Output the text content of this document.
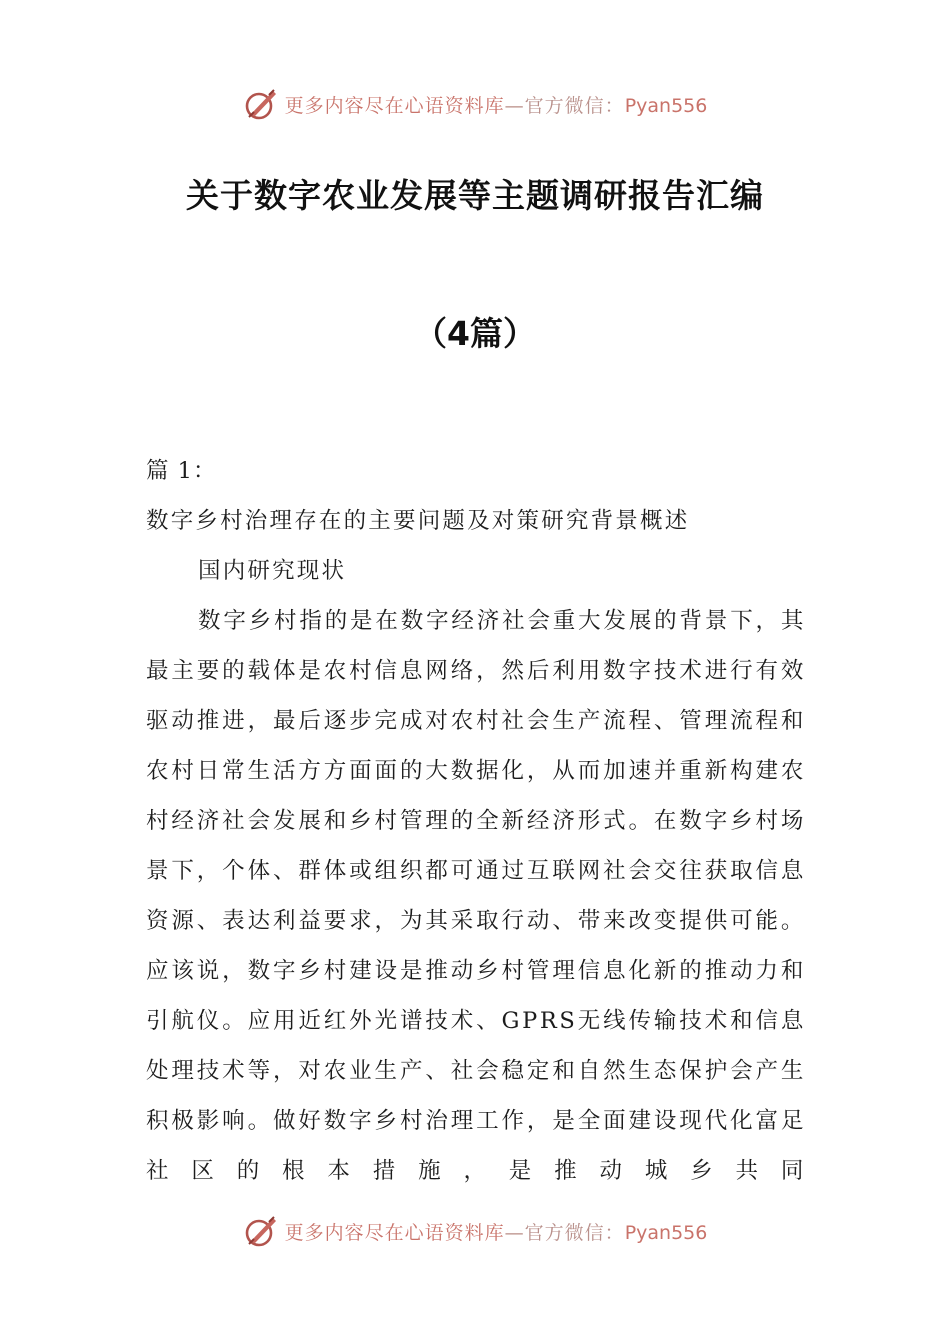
更多内容尽在心语资料库—官方微信：Pyan556
关于数字农业发展等主题调研报告汇编
（4篇）

篇 1：

数字乡村治理存在的主要问题及对策研究背景概述

国内研究现状

数字乡村指的是在数字经济社会重大发展的背景下，其最主要的载体是农村信息网络，然后利用数字技术进行有效驱动推进，最后逐步完成对农村社会生产流程、管理流程和农村日常生活方方面面的大数据化，从而加速并重新构建农村经济社会发展和乡村管理的全新经济形式。在数字乡村场景下，个体、群体或组织都可通过互联网社会交往获取信息资源、表达利益要求，为其采取行动、带来改变提供可能。应该说，数字乡村建设是推动乡村管理信息化新的推动力和引航仪。应用近红外光谱技术、GPRS无线传输技术和信息处理技术等，对农业生产、社会稳定和自然生态保护会产生积极影响。做好数字乡村治理工作，是全面建设现代化富足社区的根本措施，是推动城乡共同

更多内容尽在心语资料库—官方微信：Pyan556
